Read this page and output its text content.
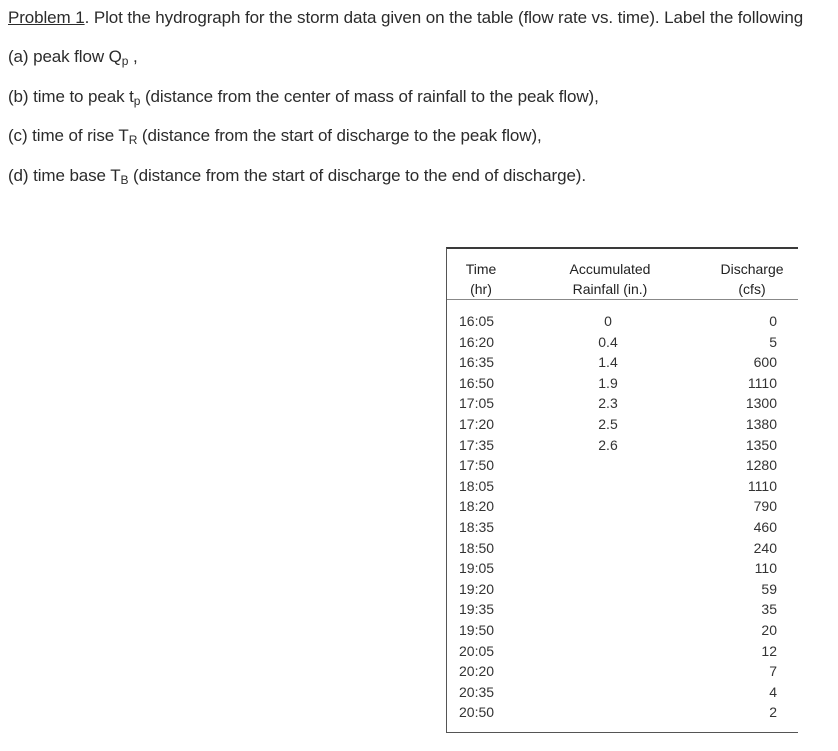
Problem 1. Plot the hydrograph for the storm data given on the table (flow rate vs. time). Label the following
(a) peak flow $Q_p$ ,
(b) time to peak $t_p$ (distance from the center of mass of rainfall to the peak flow),
(c) time of rise $T_R$ (distance from the start of discharge to the peak flow),
(d) time base $T_B$ (distance from the start of discharge to the end of discharge).
Time
(hr)
Accumulated
Rainfall (in.)
Discharge
(cfs)
16:05
16:20
16:35
16:50
17:05
17:20
17:35
17:50
18:05
18:20
18:35
18:50
19:05
19:20
19:35
19:50
20:05
20:20
20:35
20:50
0
0.4
1.4
1.9
2.3
2.5
2.6
0
5
600
1110
1300
1380
1350
1280
1110
790
460
240
110
59
35
20
12
7
4
2
